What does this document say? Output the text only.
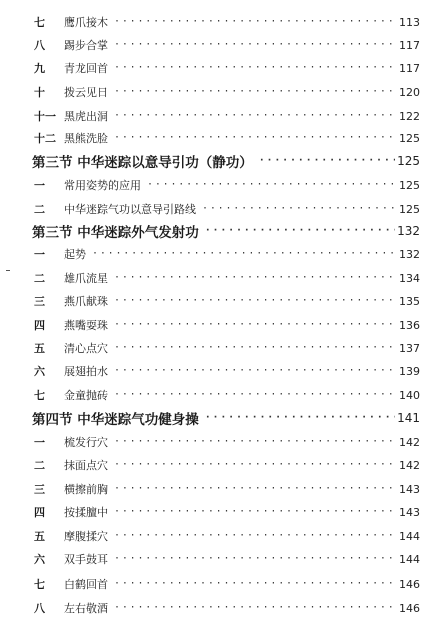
七	鹰爪接木 ·····	113
八	踢步合掌 ·····	117
九	青龙回首 ·····	117
十	拨云见日 ·····	120
十一 黑虎出洞 ·····	122
十二 黑熊洗脸 ·····	125
第三节 中华迷踪以意导引功（静功） ·····	125
一	常用姿势的应用 ·····	125
二	中华迷踪气功以意导引路线 ·····	125
第三节 中华迷踪外气发射功 ·····	132
一	起势 ·····	132
二	雄爪流星 ·····	134
三	燕爪献珠 ·····	135
四	燕嘴耍珠 ·····	136
五	清心点穴 ·····	137
六	展翅拍水 ·····	139
七	金童抛砖 ·····	140
第四节 中华迷踪气功健身操 ·····	141
一	梳发行穴 ·····	142
二	抹面点穴 ·····	142
三	横擦前胸 ·····	143
四	按揉膻中 ·····	143
五	摩腹揉穴 ·····	144
六	双手鼓耳 ·····	144
七	白鹤回首 ·····	146
八	左右敬酒 ·····	146
